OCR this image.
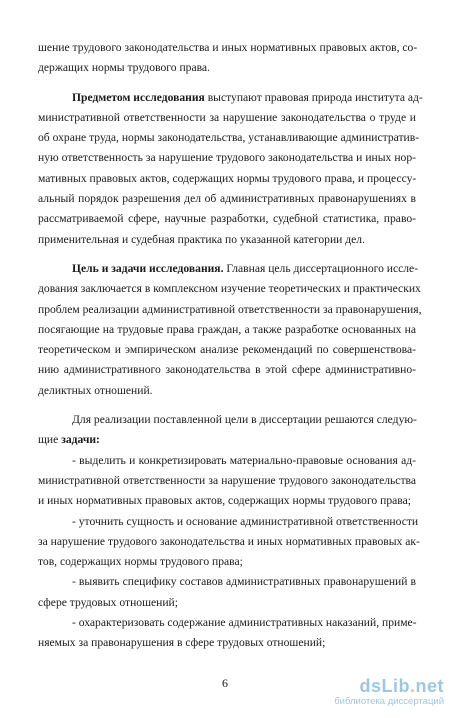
шение трудового законодательства и иных нормативных правовых актов, со-
держащих нормы трудового права.
Предметом исследования выступают правовая природа института ад-
министративной ответственности за нарушение законодательства о труде и
об охране труда, нормы законодательства, устанавливающие административ-
ную ответственность за нарушение трудового законодательства и иных нор-
мативных правовых актов, содержащих нормы трудового права, и процессу-
альный порядок разрешения дел об административных правонарушениях в
рассматриваемой сфере, научные разработки, судебной статистика, право-
применительная и судебная практика по указанной категории дел.
Цель и задачи исследования. Главная цель диссертационного иссле-
дования заключается в комплексном изучение теоретических и практических
проблем реализации административной ответственности за правонарушения,
посягающие на трудовые права граждан, а также разработке основанных на
теоретическом и эмпирическом анализе рекомендаций по совершенствова-
нию административного законодательства в этой сфере административно-
деликтных отношений.
Для реализации поставленной цели в диссертации решаются следую-
щие задачи:
- выделить и конкретизировать материально-правовые основания ад-
министративной ответственности за нарушение трудового законодательства
и иных нормативных правовых актов, содержащих нормы трудового права;
- уточнить сущность и основание административной ответственности
за нарушение трудового законодательства и иных нормативных правовых ак-
тов, содержащих нормы трудового права;
- выявить специфику составов административных правонарушений в
сфере трудовых отношений;
- охарактеризовать содержание административных наказаний, приме-
няемых за правонарушения в сфере трудовых отношений;
6	dsLib.net
библиотека диссертаций
